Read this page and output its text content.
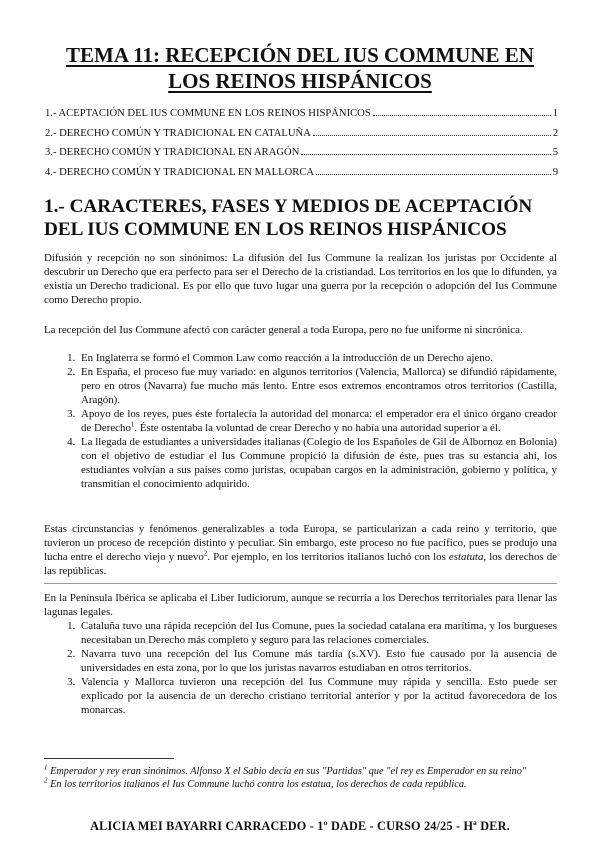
TEMA 11: RECEPCIÓN DEL IUS COMMUNE EN
LOS REINOS HISPÁNICOS
1.- ACEPTACIÓN DEL IUS COMMUNE EN LOS REINOS HISPÁNICOS	1
2.- DERECHO COMÚN Y TRADICIONAL EN CATALUÑA	2
3.- DERECHO COMÚN Y TRADICIONAL EN ARAGÓN	5
4.- DERECHO COMÚN Y TRADICIONAL EN MALLORCA	9
1.- CARACTERES, FASES Y MEDIOS DE ACEPTACIÓN DEL IUS COMMUNE EN LOS REINOS HISPÁNICOS

Difusión y recepción no son sinónimos: La difusión del Ius Commune la realizan los juristas por Occidente al descubrir un Derecho que era perfecto para ser el Derecho de la cristiandad. Los territorios en los que lo difunden, ya existía un Derecho tradicional. Es por ello que tuvo lugar una guerra por la recepción o adopción del Ius Commune como Derecho propio.

La recepción del Ius Commune afectó con carácter general a toda Europa, pero no fue uniforme ni sincrónica.

1. En Inglaterra se formó el Common Law como reacción a la introducción de un Derecho ajeno.
2. En España, el proceso fue muy variado: en algunos territorios (Valencia, Mallorca) se difundió rápidamente, pero en otros (Navarra) fue mucho más lento. Entre esos extremos encontramos otros territorios (Castilla, Aragón).
3. Apoyo de los reyes, pues éste fortalecía la autoridad del monarca: el emperador era el único órgano creador de Derecho$^1$. Éste ostentaba la voluntad de crear Derecho y no había una autoridad superior a él.
4. La llegada de estudiantes a universidades italianas (Colegio de los Españoles de Gil de Albornoz en Bolonia) con el objetivo de estudiar el Ius Commune propició la difusión de éste, pues tras su estancia ahí, los estudiantes volvían a sus países como juristas, ocupaban cargos en la administración, gobierno y política, y transmitían el conocimiento adquirido.

Estas circunstancias y fenómenos generalizables a toda Europa, se particularizan a cada reino y territorio, que tuvieron un proceso de recepción distinto y peculiar. Sin embargo, este proceso no fue pacífico, pues se produjo una lucha entre el derecho viejo y nuevo$^2$. Por ejemplo, en los territorios italianos luchó con los estatuta, los derechos de las repúblicas.

En la Península Ibérica se aplicaba el Liber Iudiciorum, aunque se recurría a los Derechos territoriales para llenar las lagunas legales.

1. Cataluña tuvo una rápida recepción del Ius Comune, pues la sociedad catalana era marítima, y los burgueses necesitaban un Derecho más completo y seguro para las relaciones comerciales.
2. Navarra tuvo una recepción del Ius Comune más tardía (s.XV). Esto fue causado por la ausencia de universidades en esta zona, por lo que los juristas navarros estudiaban en otros territorios.
3. Valencia y Mallorca tuvieron una recepción del Ius Commune muy rápida y sencilla. Esto puede ser explicado por la ausencia de un derecho cristiano territorial anterior y por la actitud favorecedora de los monarcas.

$^1$ Emperador y rey eran sinónimos. Alfonso X el Sabio decía en sus "Partidas" que "el rey es Emperador en su reino"

$^2$ En los territorios italianos el Ius Commune luchó contra los estatua, los derechos de cada república.

ALICIA MEI BAYARRI CARRACEDO - 1º DADE - CURSO 24/25 - Hª DER.
